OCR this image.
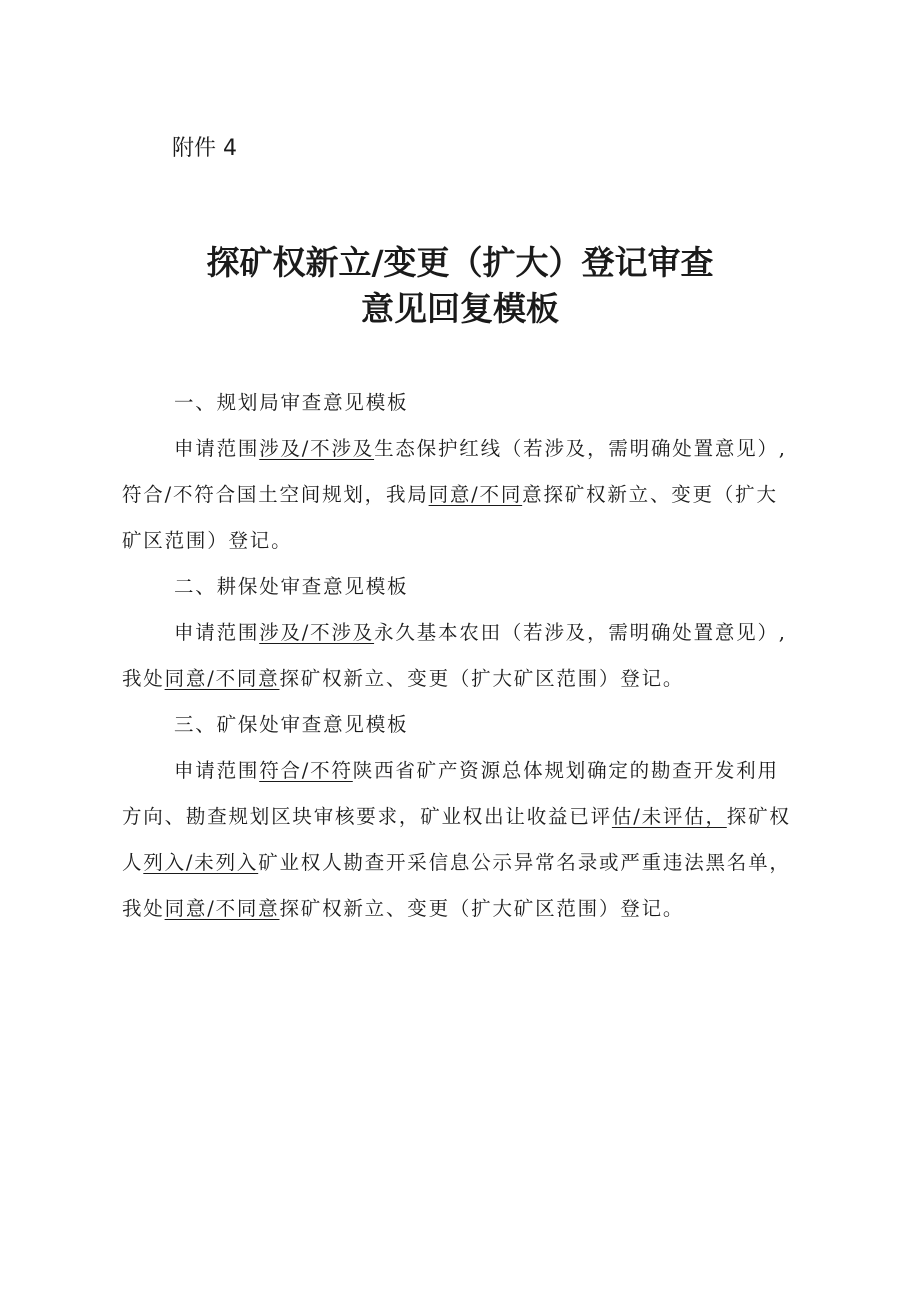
附件 4
探矿权新立/变更（扩大）登记审查
意见回复模板
一、规划局审查意见模板
申请范围涉及/不涉及生态保护红线（若涉及，需明确处置意见）,
符合/不符合国土空间规划，我局同意/不同意探矿权新立、变更（扩大
矿区范围）登记。
二、耕保处审查意见模板
申请范围涉及/不涉及永久基本农田（若涉及，需明确处置意见）,
我处同意/不同意探矿权新立、变更（扩大矿区范围）登记。
三、矿保处审查意见模板
申请范围符合/不符陕西省矿产资源总体规划确定的勘查开发利用
方向、勘查规划区块审核要求，矿业权出让收益已评估/未评估，探矿权
人列入/未列入矿业权人勘查开采信息公示异常名录或严重违法黑名单，
我处同意/不同意探矿权新立、变更（扩大矿区范围）登记。
